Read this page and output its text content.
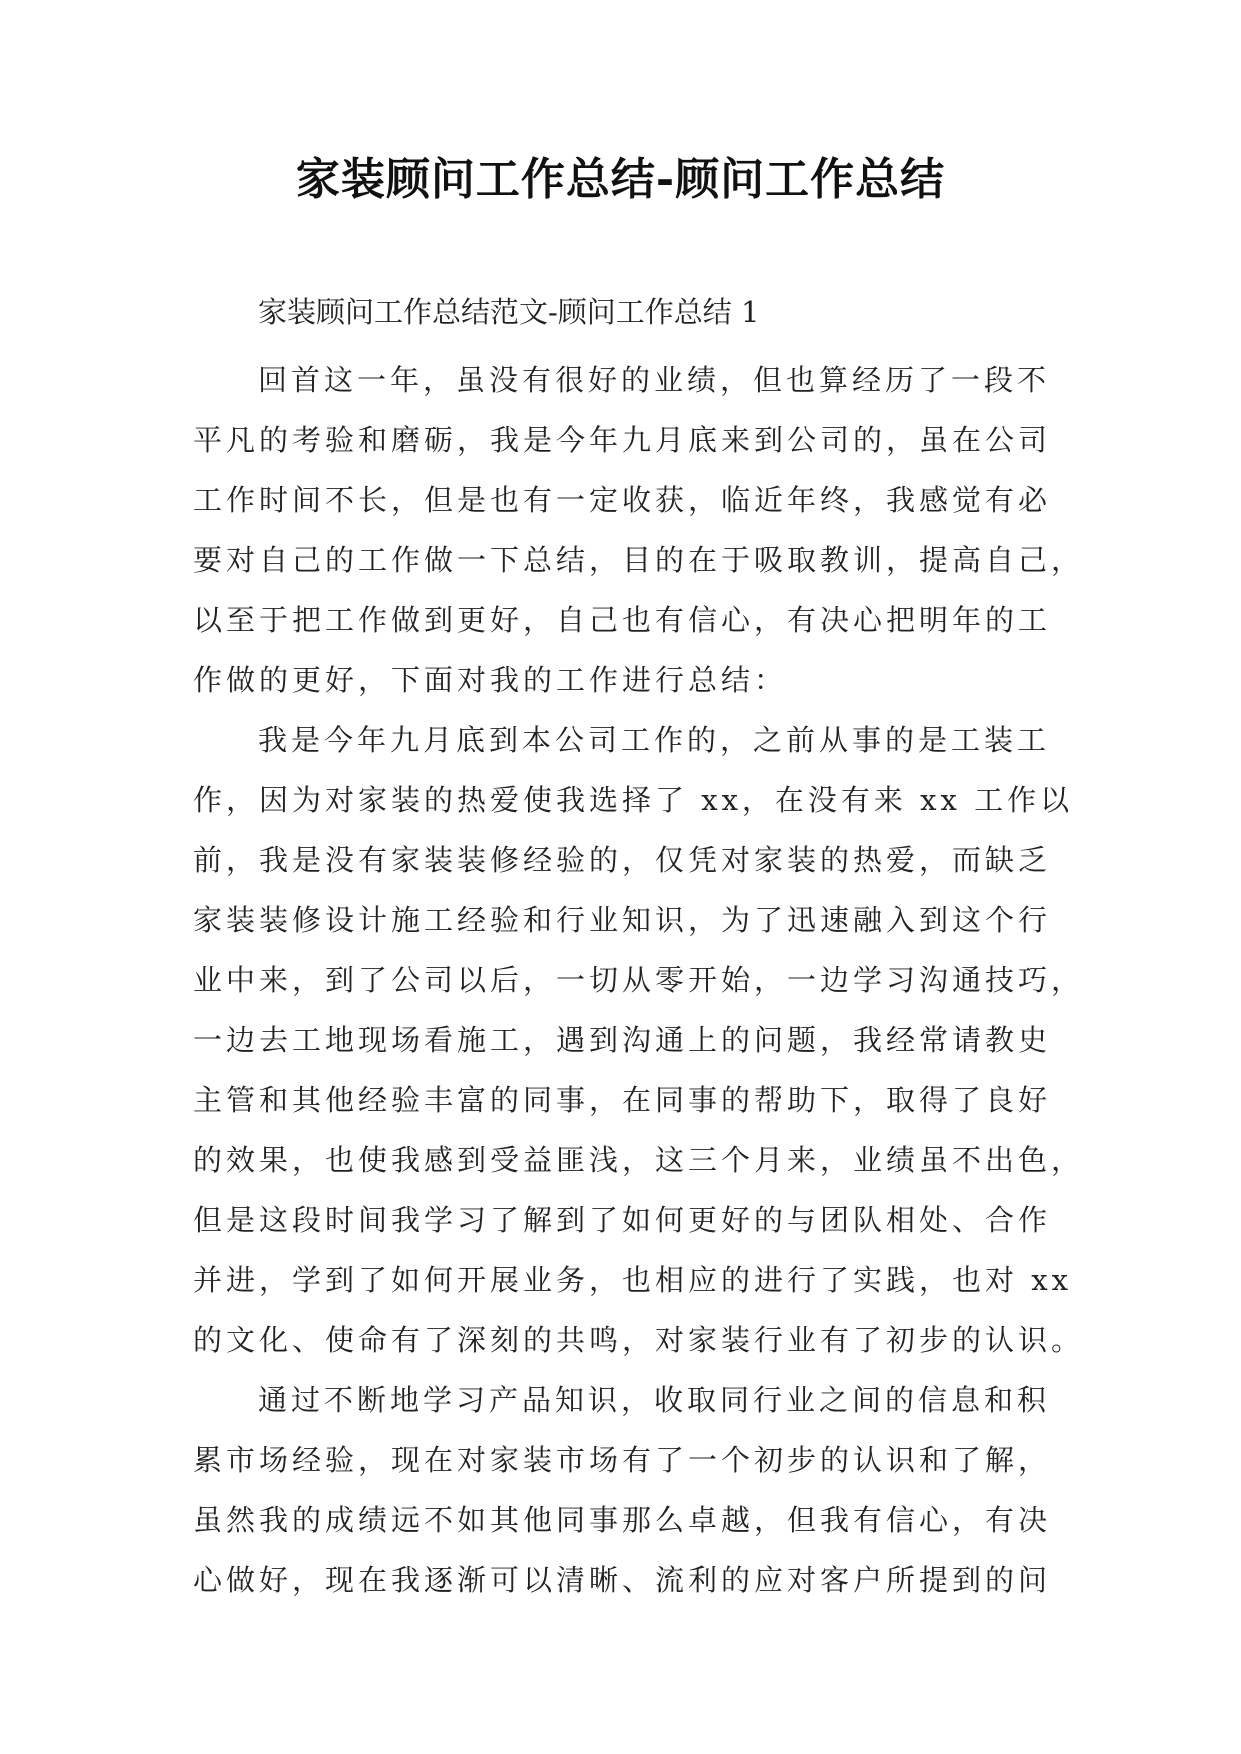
家装顾问工作总结-顾问工作总结

家装顾问工作总结范文-顾问工作总结 1

回首这一年，虽没有很好的业绩，但也算经历了一段不
平凡的考验和磨砺，我是今年九月底来到公司的，虽在公司
工作时间不长，但是也有一定收获，临近年终，我感觉有必
要对自己的工作做一下总结，目的在于吸取教训，提高自己，
以至于把工作做到更好，自己也有信心，有决心把明年的工
作做的更好，下面对我的工作进行总结：
我是今年九月底到本公司工作的，之前从事的是工装工
作，因为对家装的热爱使我选择了 xx，在没有来 xx 工作以
前，我是没有家装装修经验的，仅凭对家装的热爱，而缺乏
家装装修设计施工经验和行业知识，为了迅速融入到这个行
业中来，到了公司以后，一切从零开始，一边学习沟通技巧，
一边去工地现场看施工，遇到沟通上的问题，我经常请教史
主管和其他经验丰富的同事，在同事的帮助下，取得了良好
的效果，也使我感到受益匪浅，这三个月来，业绩虽不出色，
但是这段时间我学习了解到了如何更好的与团队相处、合作
并进，学到了如何开展业务，也相应的进行了实践，也对 xx
的文化、使命有了深刻的共鸣，对家装行业有了初步的认识。
通过不断地学习产品知识，收取同行业之间的信息和积
累市场经验，现在对家装市场有了一个初步的认识和了解，
虽然我的成绩远不如其他同事那么卓越，但我有信心，有决
心做好，现在我逐渐可以清晰、流利的应对客户所提到的问
